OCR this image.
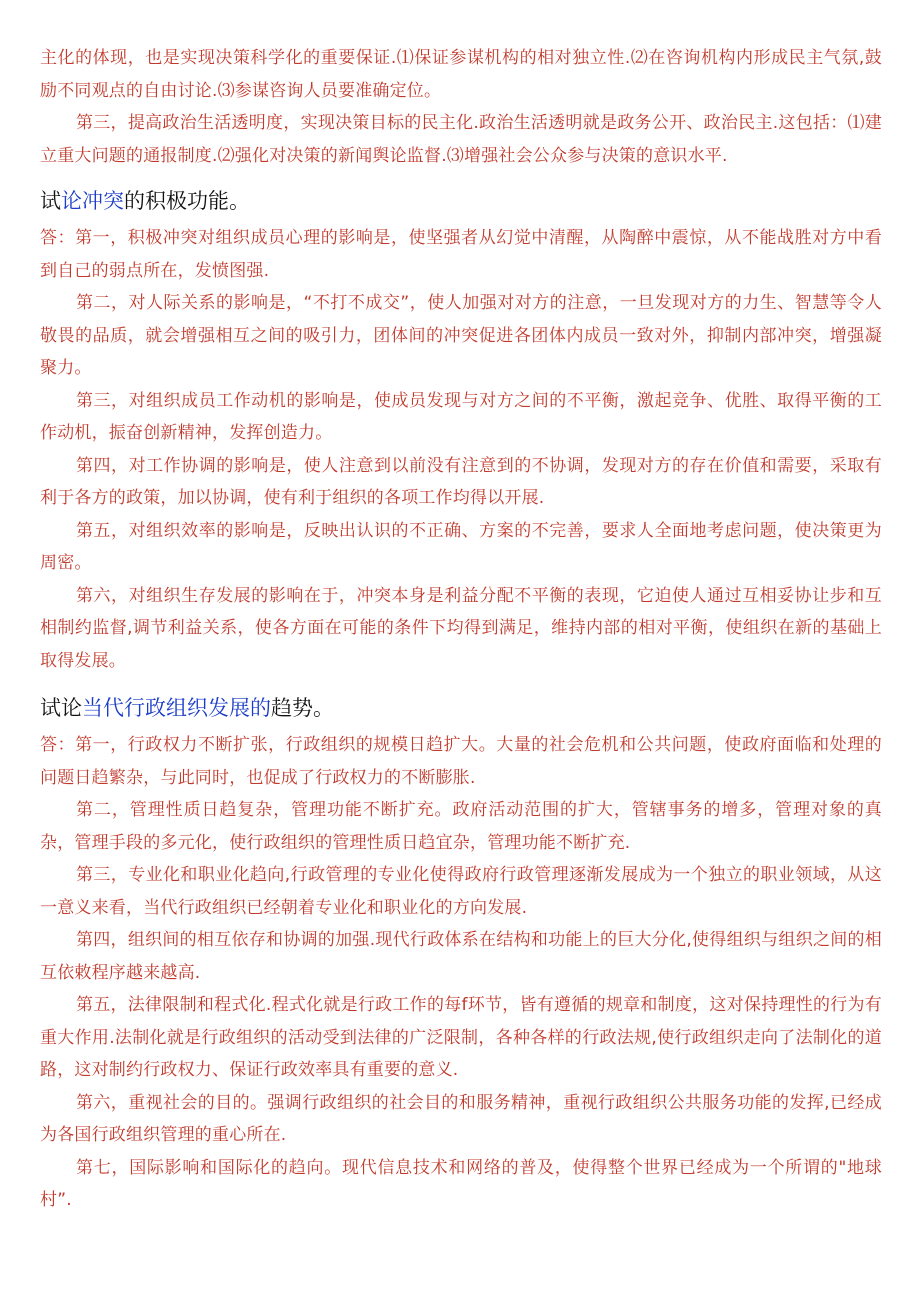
主化的体现，也是实现决策科学化的重要保证.⑴保证参谋机构的相对独立性.⑵在咨询机构内形成民主气氛,鼓励不同观点的自由讨论.⑶参谋咨询人员要准确定位。

第三，提高政治生活透明度，实现决策目标的民主化.政治生活透明就是政务公开、政治民主.这包括：⑴建立重大问题的通报制度.⑵强化对决策的新闻舆论监督.⑶增强社会公众参与决策的意识水平.

试论冲突的积极功能。

答：第一，积极冲突对组织成员心理的影响是，使坚强者从幻觉中清醒，从陶醉中震惊，从不能战胜对方中看到自己的弱点所在，发愤图强.

第二，对人际关系的影响是，“不打不成交”，使人加强对对方的注意，一旦发现对方的力生、智慧等令人敬畏的品质，就会增强相互之间的吸引力，团体间的冲突促进各团体内成员一致对外，抑制内部冲突，增强凝聚力。

第三，对组织成员工作动机的影响是，使成员发现与对方之间的不平衡，激起竞争、优胜、取得平衡的工作动机，振奋创新精神，发挥创造力。

第四，对工作协调的影响是，使人注意到以前没有注意到的不协调，发现对方的存在价值和需要，采取有利于各方的政策，加以协调，使有利于组织的各项工作均得以开展.

第五，对组织效率的影响是，反映出认识的不正确、方案的不完善，要求人全面地考虑问题，使决策更为周密。

第六，对组织生存发展的影响在于，冲突本身是利益分配不平衡的表现，它迫使人通过互相妥协让步和互相制约监督,调节利益关系，使各方面在可能的条件下均得到满足，维持内部的相对平衡，使组织在新的基础上取得发展。

试论当代行政组织发展的趋势。

答：第一，行政权力不断扩张，行政组织的规模日趋扩大。大量的社会危机和公共问题，使政府面临和处理的问题日趋繁杂，与此同时，也促成了行政权力的不断膨胀.

第二，管理性质日趋复杂，管理功能不断扩充。政府活动范围的扩大，管辖事务的增多，管理对象的真杂，管理手段的多元化，使行政组织的管理性质日趋宜杂，管理功能不断扩充.

第三，专业化和职业化趋向,行政管理的专业化使得政府行政管理逐渐发展成为一个独立的职业领域，从这一意义来看，当代行政组织已经朝着专业化和职业化的方向发展.

第四，组织间的相互依存和协调的加强.现代行政体系在结构和功能上的巨大分化,使得组织与组织之间的相互依敕程序越来越高.

第五，法律限制和程式化.程式化就是行政工作的每f环节，皆有遵循的规章和制度，这对保持理性的行为有重大作用.法制化就是行政组织的活动受到法律的广泛限制，各种各样的行政法规,使行政组织走向了法制化的道路，这对制约行政权力、保证行政效率具有重要的意义.

第六，重视社会的目的。强调行政组织的社会目的和服务精神，重视行政组织公共服务功能的发挥,已经成为各国行政组织管理的重心所在.

第七，国际影响和国际化的趋向。现代信息技术和网络的普及，使得整个世界已经成为一个所谓的"地球村”.
